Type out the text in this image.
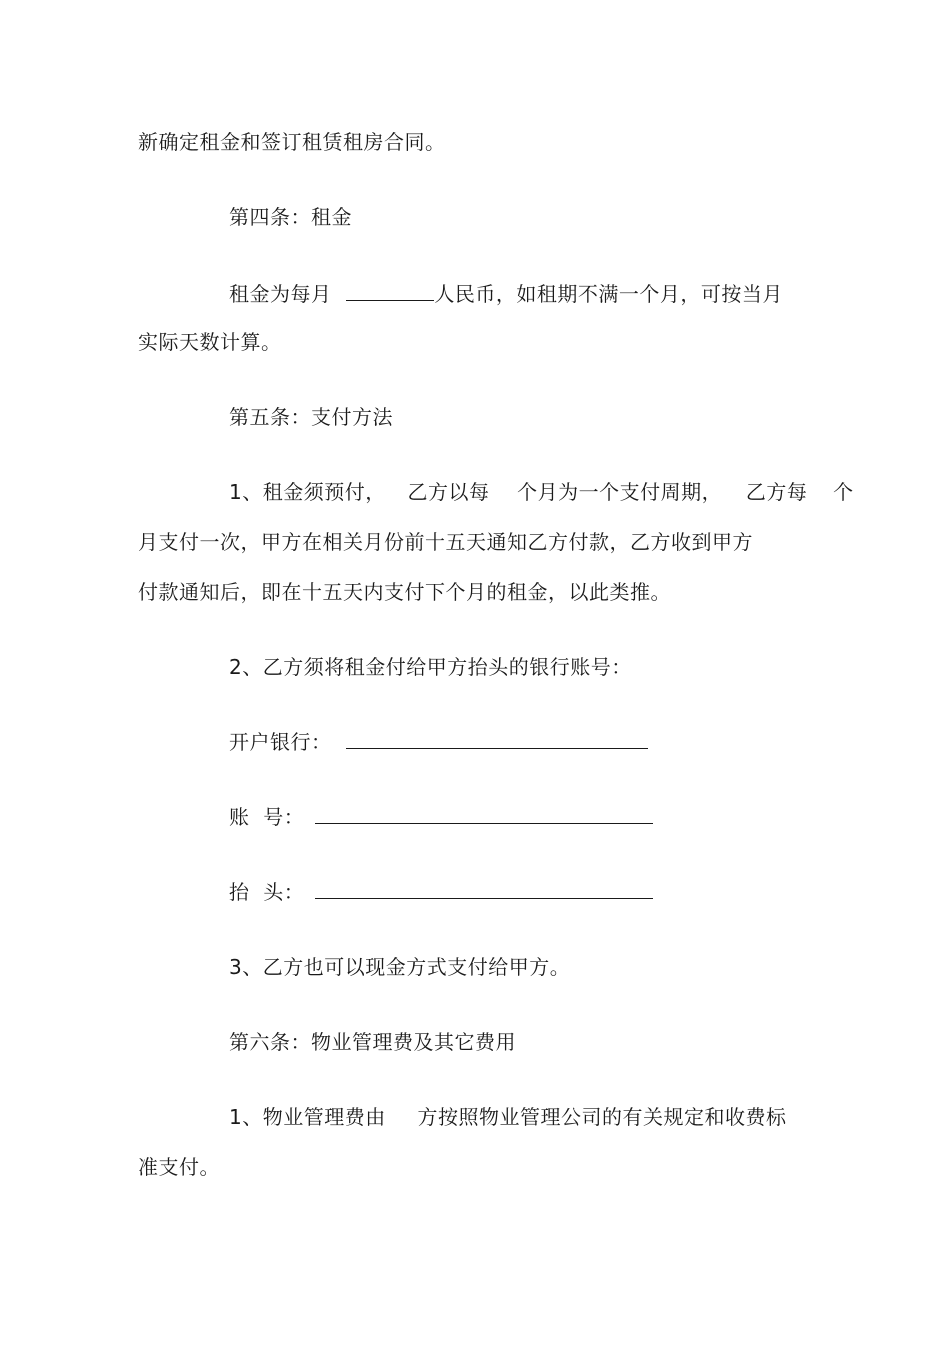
新确定租金和签订租赁租房合同。
第四条：租金
租金为每月	人民币，如租期不满一个月，可按当月
实际天数计算。
第五条：支付方法
1、租金须预付， 乙方以每 个月为一个支付周期， 乙方每 个
月支付一次，甲方在相关月份前十五天通知乙方付款，乙方收到甲方
付款通知后，即在十五天内支付下个月的租金，以此类推。
2、乙方须将租金付给甲方抬头的银行账号：
开户银行：
账  号：
抬  头：
3、乙方也可以现金方式支付给甲方。
第六条：物业管理费及其它费用
1、物业管理费由 方按照物业管理公司的有关规定和收费标
准支付。
